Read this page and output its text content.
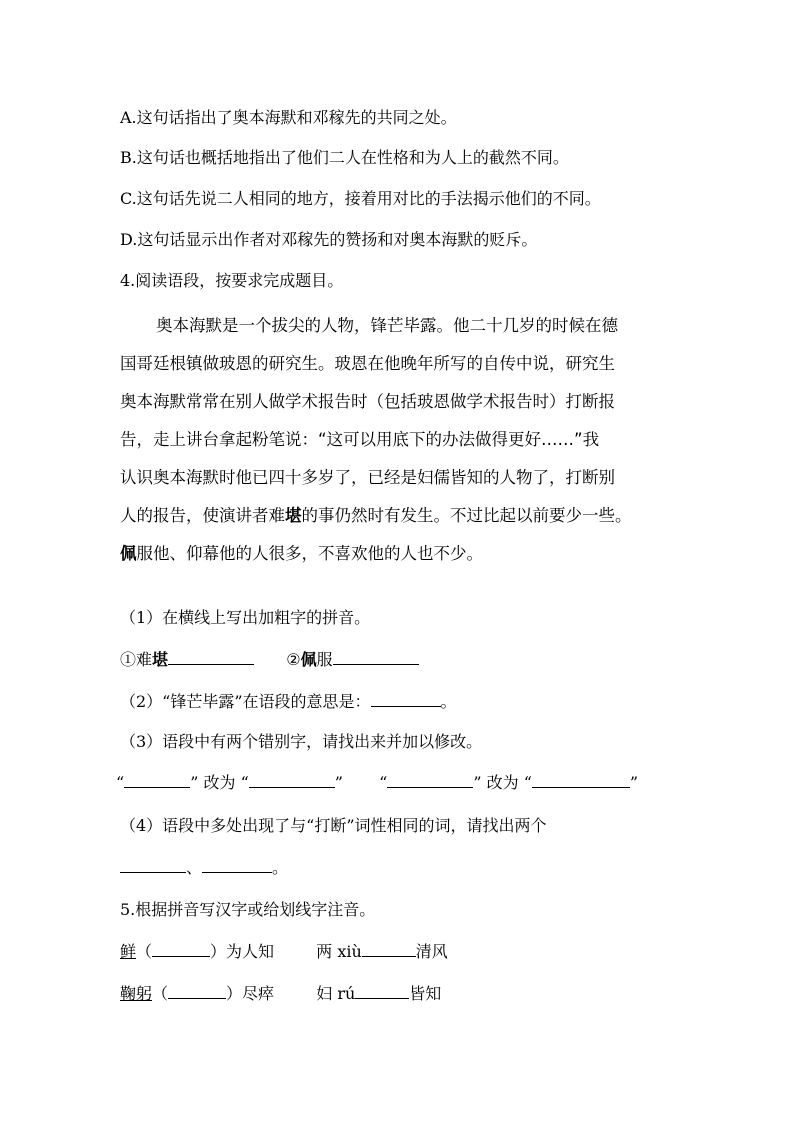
A.这句话指出了奥本海默和邓稼先的共同之处。
B.这句话也概括地指出了他们二人在性格和为人上的截然不同。
C.这句话先说二人相同的地方，接着用对比的手法揭示他们的不同。
D.这句话显示出作者对邓稼先的赞扬和对奥本海默的贬斥。
4.阅读语段，按要求完成题目。
奥本海默是一个拔尖的人物，锋芒毕露。他二十几岁的时候在德
国哥廷根镇做玻恩的研究生。玻恩在他晚年所写的自传中说，研究生
奥本海默常常在别人做学术报告时（包括玻恩做学术报告时）打断报
告，走上讲台拿起粉笔说：“这可以用底下的办法做得更好……”我
认识奥本海默时他已四十多岁了，已经是妇儒皆知的人物了，打断别
人的报告，使演讲者难堪的事仍然时有发生。不过比起以前要少一些。
佩服他、仰幕他的人很多，不喜欢他的人也不少。
（1）在横线上写出加粗字的拼音。
①难堪	②佩服
（2）“锋芒毕露”在语段的意思是：	。
（3）语段中有两个错别字，请找出来并加以修改。
“	” 改为 “	” “	” 改为 “	”
（4）语段中多处出现了与“打断”词性相同的词，请找出两个
、	。
5.根据拼音写汉字或给划线字注音。
鲜（	）为人知	两 xiù	清风
鞠躬（	）尽瘁	妇 rú	皆知
